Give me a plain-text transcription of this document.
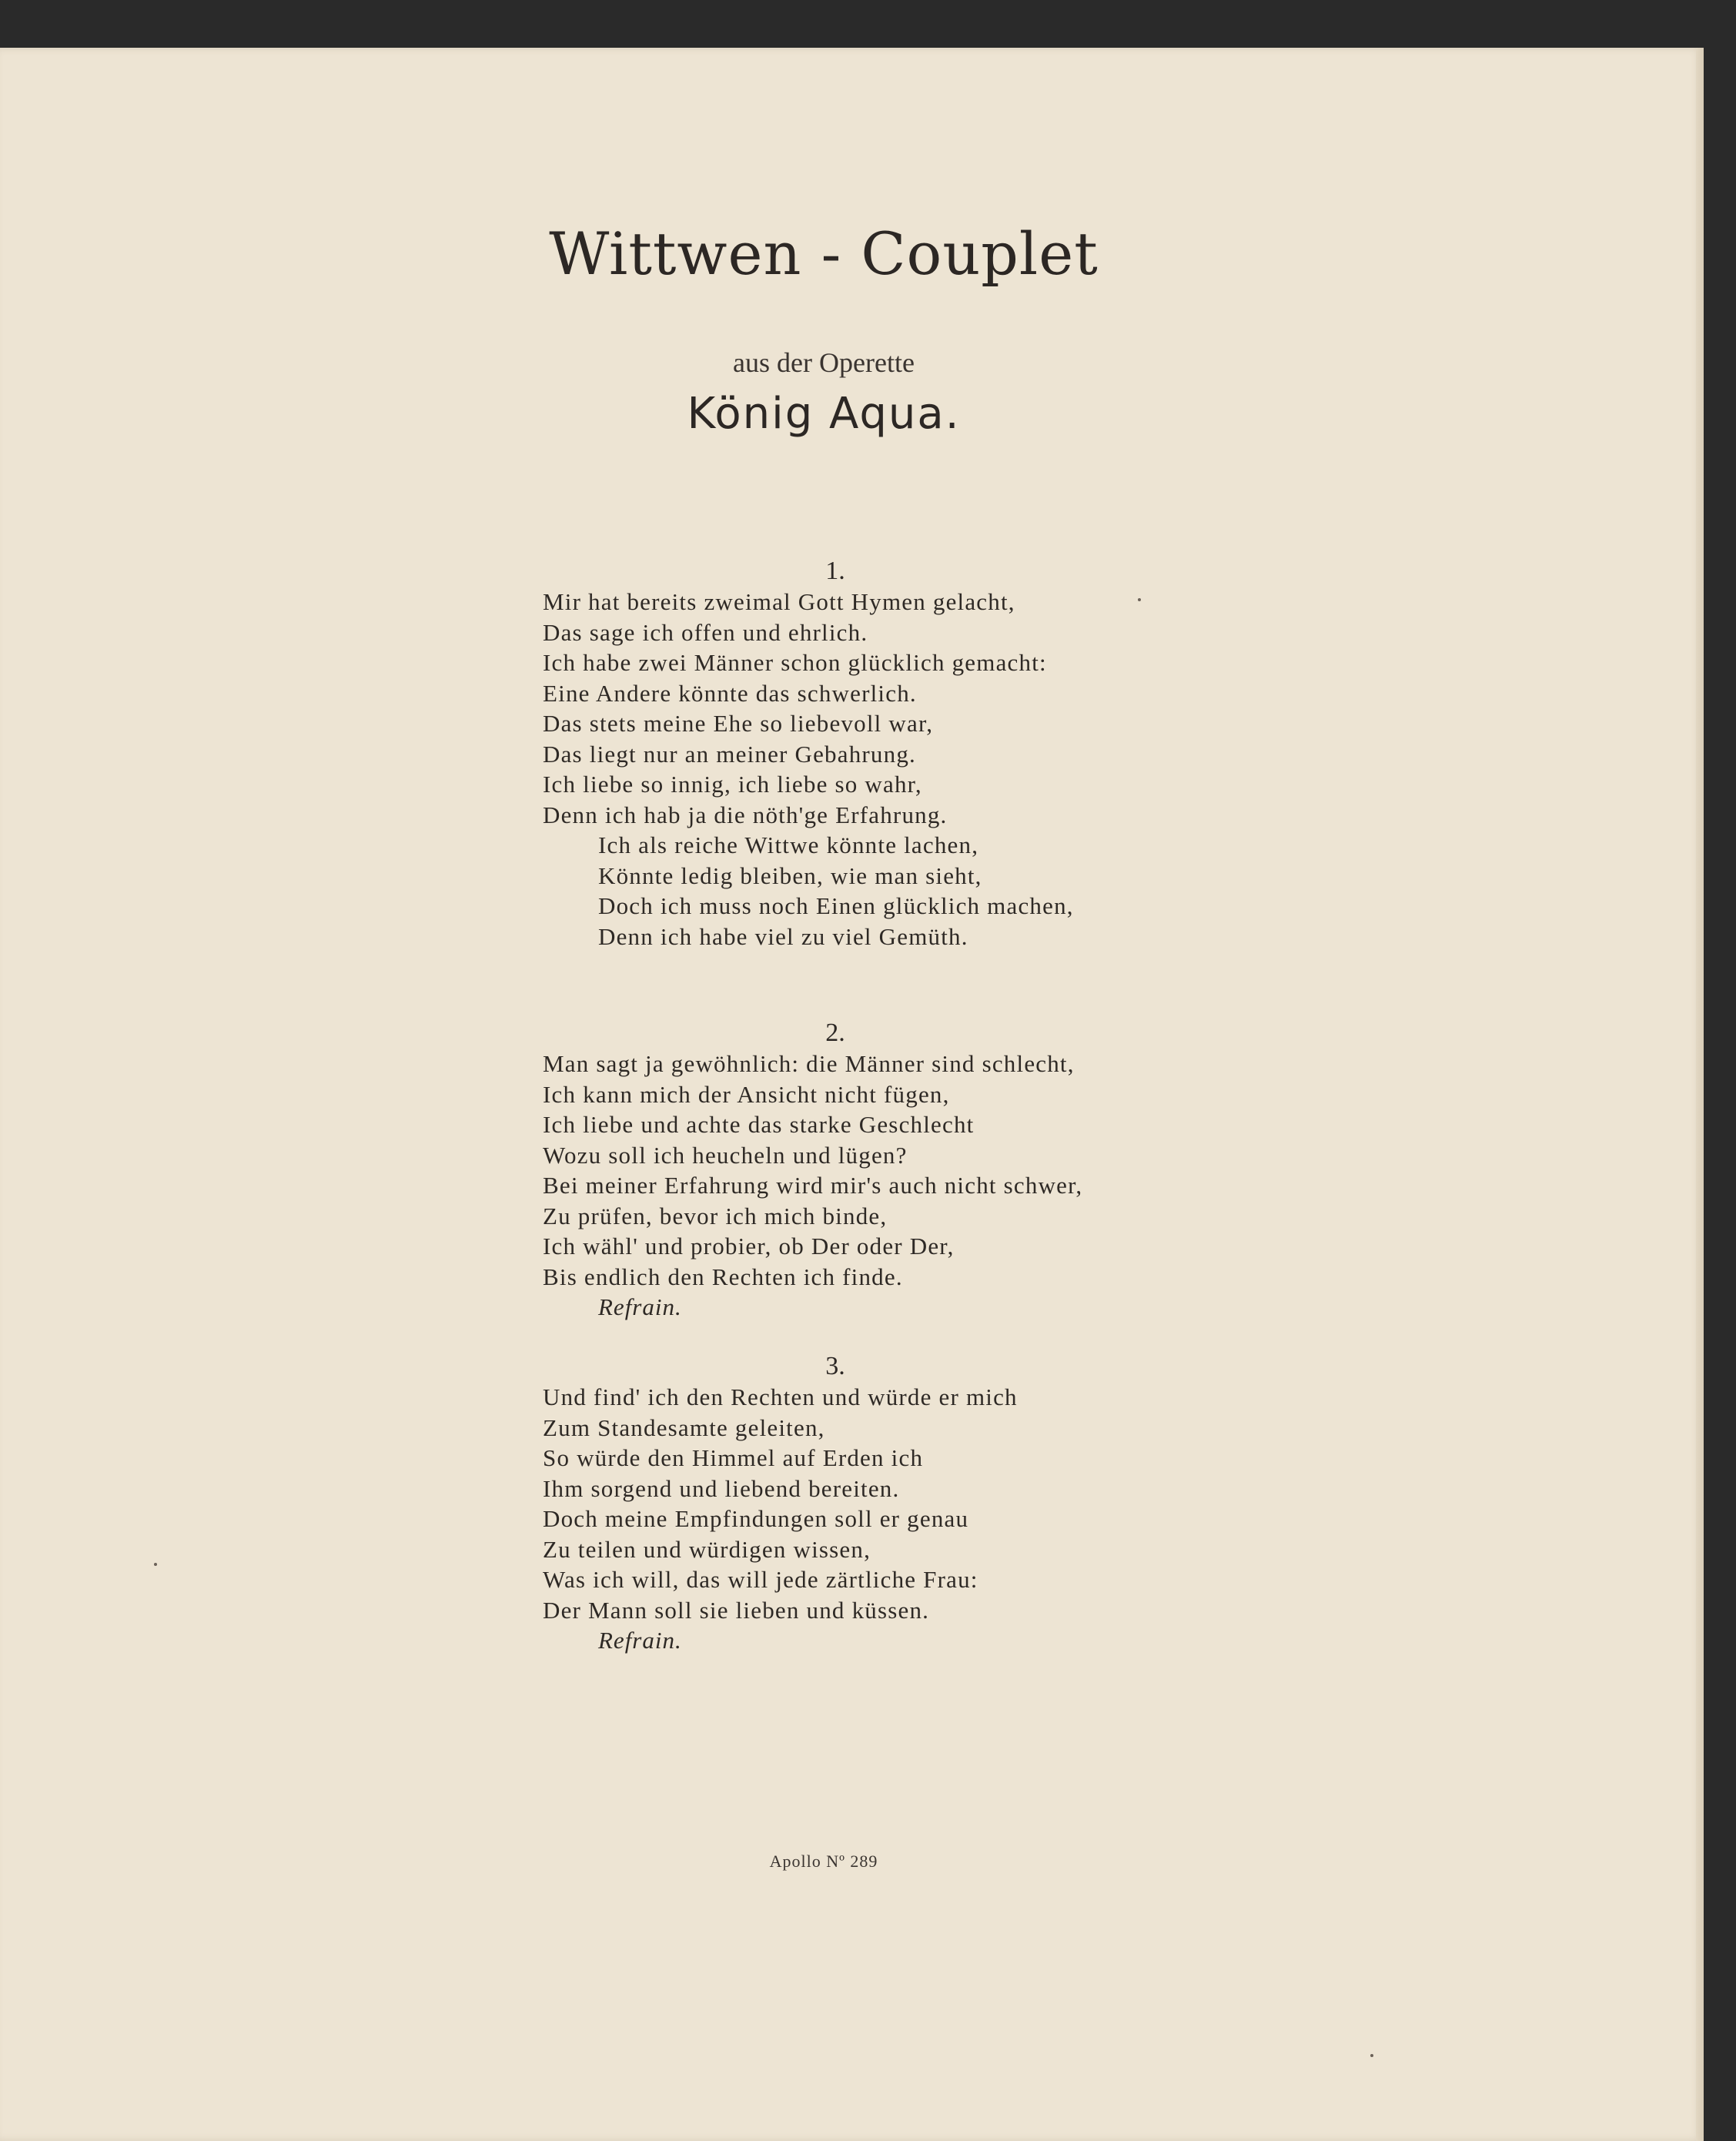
Wittwen - Couplet
aus der Operette
König Aqua.
1.
Mir hat bereits zweimal Gott Hymen gelacht,
Das sage ich offen und ehrlich.
Ich habe zwei Männer schon glücklich gemacht:
Eine Andere könnte das schwerlich.
Das stets meine Ehe so liebevoll war,
Das liegt nur an meiner Gebahrung.
Ich liebe so innig, ich liebe so wahr,
Denn ich hab ja die nöth'ge Erfahrung.
Ich als reiche Wittwe könnte lachen,
Könnte ledig bleiben, wie man sieht,
Doch ich muss noch Einen glücklich machen,
Denn ich habe viel zu viel Gemüth.
2.
Man sagt ja gewöhnlich: die Männer sind schlecht,
Ich kann mich der Ansicht nicht fügen,
Ich liebe und achte das starke Geschlecht
Wozu soll ich heucheln und lügen?
Bei meiner Erfahrung wird mir's auch nicht schwer,
Zu prüfen, bevor ich mich binde,
Ich wähl' und probier, ob Der oder Der,
Bis endlich den Rechten ich finde.
Refrain.
3.
Und find' ich den Rechten und würde er mich
Zum Standesamte geleiten,
So würde den Himmel auf Erden ich
Ihm sorgend und liebend bereiten.
Doch meine Empfindungen soll er genau
Zu teilen und würdigen wissen,
Was ich will, das will jede zärtliche Frau:
Der Mann soll sie lieben und küssen.
Refrain.
Apollo Nº 289
